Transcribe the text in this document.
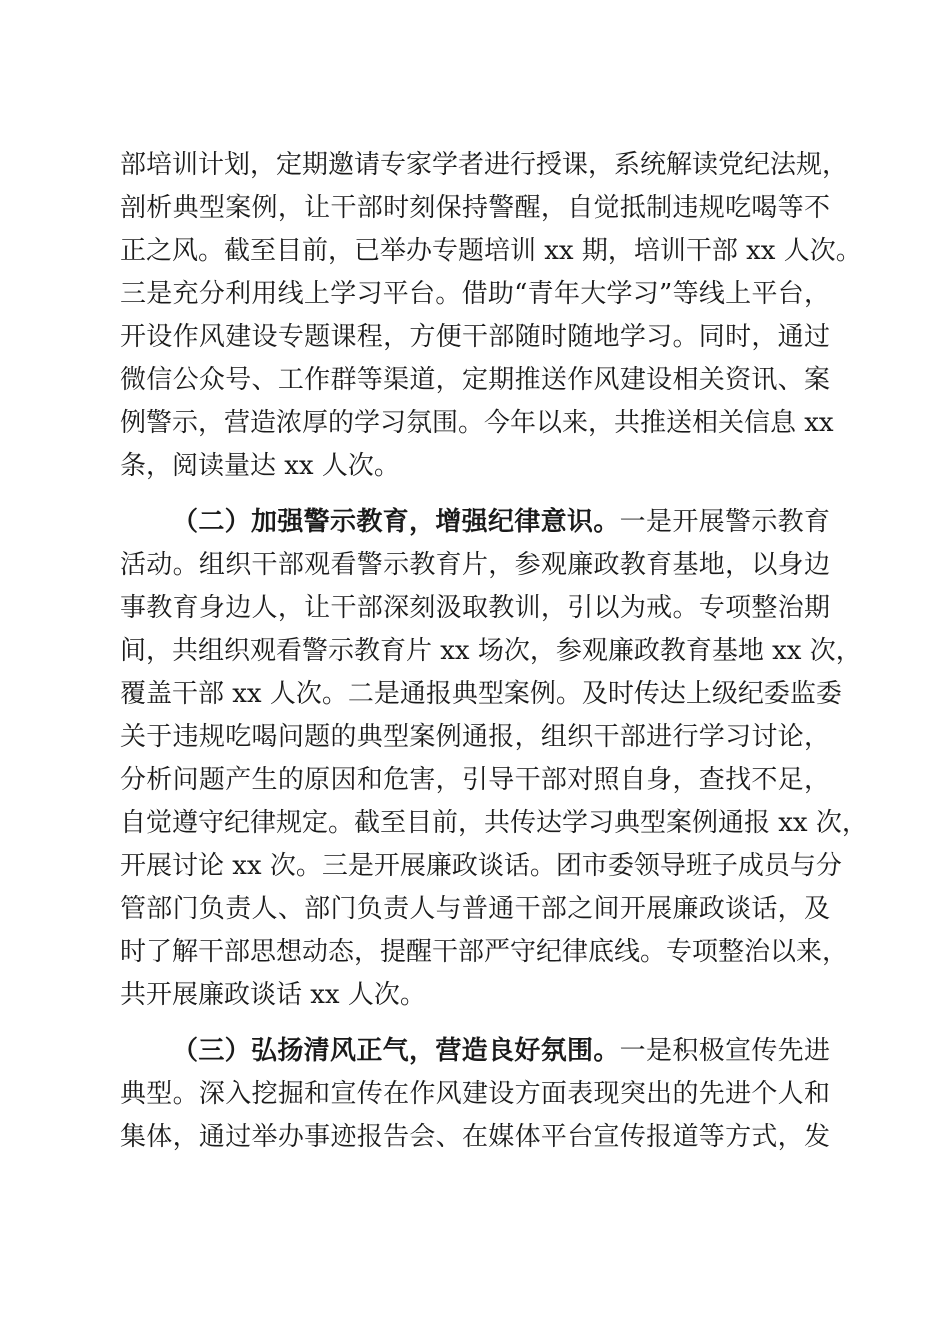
部培训计划，定期邀请专家学者进行授课，系统解读党纪法规，
剖析典型案例，让干部时刻保持警醒，自觉抵制违规吃喝等不
正之风。截至目前，已举办专题培训 xx 期，培训干部 xx 人次。
三是充分利用线上学习平台。借助“青年大学习”等线上平台，
开设作风建设专题课程，方便干部随时随地学习。同时，通过
微信公众号、工作群等渠道，定期推送作风建设相关资讯、案
例警示，营造浓厚的学习氛围。今年以来，共推送相关信息 xx
条，阅读量达 xx 人次。
（二）加强警示教育，增强纪律意识。一是开展警示教育
活动。组织干部观看警示教育片，参观廉政教育基地，以身边
事教育身边人，让干部深刻汲取教训，引以为戒。专项整治期
间，共组织观看警示教育片 xx 场次，参观廉政教育基地 xx 次，
覆盖干部 xx 人次。二是通报典型案例。及时传达上级纪委监委
关于违规吃喝问题的典型案例通报，组织干部进行学习讨论，
分析问题产生的原因和危害，引导干部对照自身，查找不足，
自觉遵守纪律规定。截至目前，共传达学习典型案例通报 xx 次，
开展讨论 xx 次。三是开展廉政谈话。团市委领导班子成员与分
管部门负责人、部门负责人与普通干部之间开展廉政谈话，及
时了解干部思想动态，提醒干部严守纪律底线。专项整治以来，
共开展廉政谈话 xx 人次。
（三）弘扬清风正气，营造良好氛围。一是积极宣传先进
典型。深入挖掘和宣传在作风建设方面表现突出的先进个人和
集体，通过举办事迹报告会、在媒体平台宣传报道等方式，发
